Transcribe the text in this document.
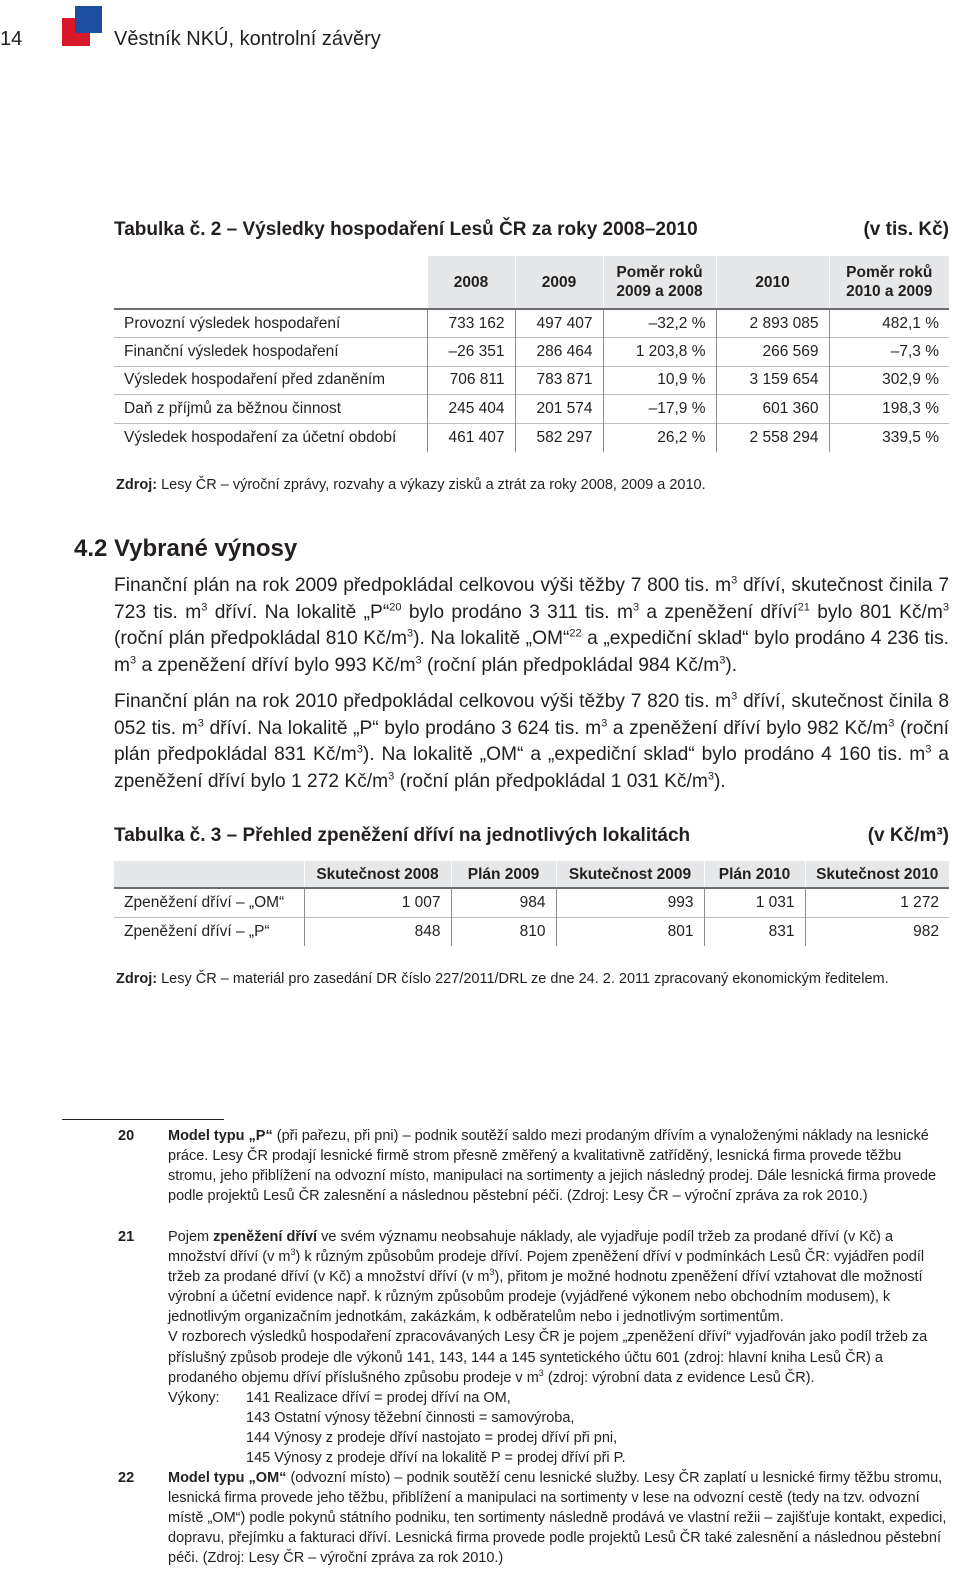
14	Věstník NKÚ, kontrolní závěry
Tabulka č. 2 – Výsledky hospodaření Lesů ČR za roky 2008–2010	(v tis. Kč)
	2008	2009	Poměr roků 2009 a 2008	2010	Poměr roků 2010 a 2009
Provozní výsledek hospodaření	733 162	497 407	–32,2 %	2 893 085	482,1 %
Finanční výsledek hospodaření	–26 351	286 464	1 203,8 %	266 569	–7,3 %
Výsledek hospodaření před zdaněním	706 811	783 871	10,9 %	3 159 654	302,9 %
Daň z příjmů za běžnou činnost	245 404	201 574	–17,9 %	601 360	198,3 %
Výsledek hospodaření za účetní období	461 407	582 297	26,2 %	2 558 294	339,5 %
Zdroj: Lesy ČR – výroční zprávy, rozvahy a výkazy zisků a ztrát za roky 2008, 2009 a 2010.
4.2 Vybrané výnosy
Finanční plán na rok 2009 předpokládal celkovou výši těžby 7 800 tis. $m^3$ dříví, skutečnost činila 7 723 tis. $m^3$ dříví. Na lokalitě „P“$^{20}$ bylo prodáno 3 311 tis. $m^3$ a zpeněžení dříví$^{21}$ bylo 801 $Kč/m^3$ (roční plán předpokládal 810 $Kč/m^3$). Na lokalitě „OM“$^{22}$ a „expediční sklad“ bylo prodáno 4 236 tis. $m^3$ a zpeněžení dříví bylo 993 $Kč/m^3$ (roční plán předpokládal 984 $Kč/m^3$).
Finanční plán na rok 2010 předpokládal celkovou výši těžby 7 820 tis. $m^3$ dříví, skutečnost činila 8 052 tis. $m^3$ dříví. Na lokalitě „P“ bylo prodáno 3 624 tis. $m^3$ a zpeněžení dříví bylo 982 $Kč/m^3$ (roční plán předpokládal 831 $Kč/m^3$). Na lokalitě „OM“ a „expediční sklad“ bylo prodáno 4 160 tis. $m^3$ a zpeněžení dříví bylo 1 272 $Kč/m^3$ (roční plán předpokládal 1 031 $Kč/m^3$).
Tabulka č. 3 – Přehled zpeněžení dříví na jednotlivých lokalitách	(v Kč/m³)
	Skutečnost 2008	Plán 2009	Skutečnost 2009	Plán 2010	Skutečnost 2010
Zpeněžení dříví – „OM“	1 007	984	993	1 031	1 272
Zpeněžení dříví – „P“	848	810	801	831	982
Zdroj: Lesy ČR – materiál pro zasedání DR číslo 227/2011/DRL ze dne 24. 2. 2011 zpracovaný ekonomickým ředitelem.
20 Model typu „P“ (při pařezu, při pni) – podnik soutěží saldo mezi prodaným dřívím a vynaloženými náklady na lesnické práce. Lesy ČR prodají lesnické firmě strom přesně změřený a kvalitativně zatříděný, lesnická firma provede těžbu stromu, jeho přiblížení na odvozní místo, manipulaci na sortimenty a jejich následný prodej. Dále lesnická firma provede podle projektů Lesů ČR zalesnění a následnou pěstební péči. (Zdroj: Lesy ČR – výroční zpráva za rok 2010.)
21 Pojem zpeněžení dříví ve svém významu neobsahuje náklady, ale vyjadřuje podíl tržeb za prodané dříví (v Kč) a množství dříví (v $m^3$) k různým způsobům prodeje dříví. Pojem zpeněžení dříví v podmínkách Lesů ČR: vyjádřen podíl tržeb za prodané dříví (v Kč) a množství dříví (v $m^3$), přitom je možné hodnotu zpeněžení dříví vztahovat dle možností výrobní a účetní evidence např. k různým způsobům prodeje (vyjádřené výkonem nebo obchodním modusem), k jednotlivým organizačním jednotkám, zakázkám, k odběratelům nebo i jednotlivým sortimentům.
V rozborech výsledků hospodaření zpracovávaných Lesy ČR je pojem „zpeněžení dříví“ vyjadřován jako podíl tržeb za příslušný způsob prodeje dle výkonů 141, 143, 144 a 145 syntetického účtu 601 (zdroj: hlavní kniha Lesů ČR) a prodaného objemu dříví příslušného způsobu prodeje v $m^3$ (zdroj: výrobní data z evidence Lesů ČR).
Výkony:	141 Realizace dříví = prodej dříví na OM,
143 Ostatní výnosy těžební činnosti = samovýroba,
144 Výnosy z prodeje dříví nastojato = prodej dříví při pni,
145 Výnosy z prodeje dříví na lokalitě P = prodej dříví při P.
22 Model typu „OM“ (odvozní místo) – podnik soutěží cenu lesnické služby. Lesy ČR zaplatí u lesnické firmy těžbu stromu, lesnická firma provede jeho těžbu, přiblížení a manipulaci na sortimenty v lese na odvozní cestě (tedy na tzv. odvozní místě „OM“) podle pokynů státního podniku, ten sortimenty následně prodává ve vlastní režii – zajišťuje kontakt, expedici, dopravu, přejímku a fakturaci dříví. Lesnická firma provede podle projektů Lesů ČR také zalesnění a následnou pěstební péči. (Zdroj: Lesy ČR – výroční zpráva za rok 2010.)
